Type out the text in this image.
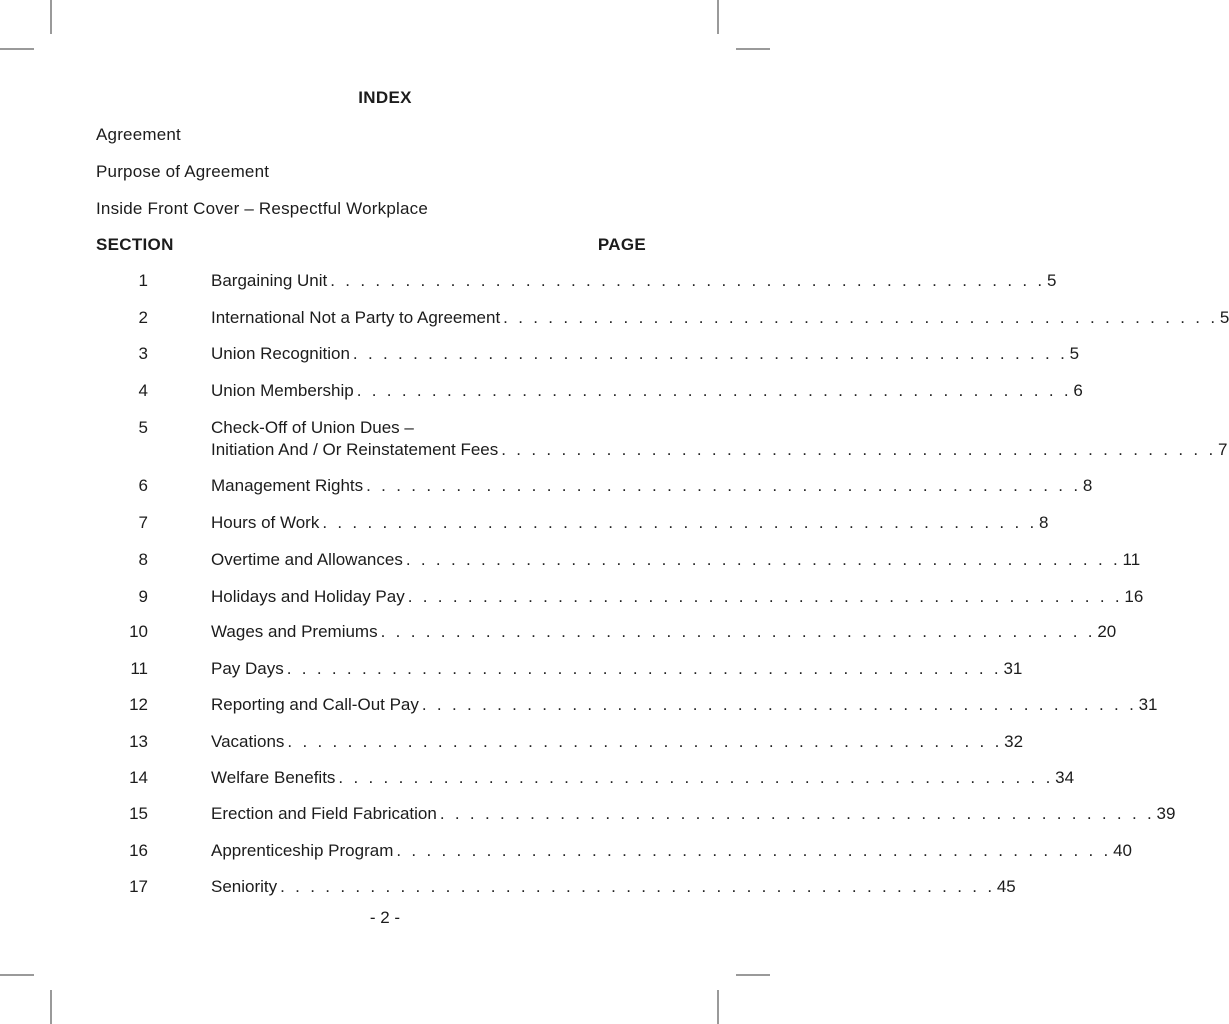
INDEX
Agreement
Purpose of Agreement
Inside Front Cover – Respectful Workplace
SECTION	PAGE
1	Bargaining Unit . . . . . . . . . . . . . . . . . . . . . . . . . . . . . . . . . . . . . . . . . . . . . . . . 5
2	International Not a Party to Agreement . . . . . . . . . . . . . . . . . . . . . . . . . . . . . . . . . . . . . . . . . . . . . . . . 5
3	Union Recognition . . . . . . . . . . . . . . . . . . . . . . . . . . . . . . . . . . . . . . . . . . . . . . . . 5
4	Union Membership . . . . . . . . . . . . . . . . . . . . . . . . . . . . . . . . . . . . . . . . . . . . . . . . 6
5	Check-Off of Union Dues –
Initiation And / Or Reinstatement Fees . . . . . . . . . . . . . . . . . . . . . . . . . . . . . . . . . . . . . . . . . . . . . . . . 7
6	Management Rights . . . . . . . . . . . . . . . . . . . . . . . . . . . . . . . . . . . . . . . . . . . . . . . . 8
7	Hours of Work . . . . . . . . . . . . . . . . . . . . . . . . . . . . . . . . . . . . . . . . . . . . . . . . 8
8	Overtime and Allowances . . . . . . . . . . . . . . . . . . . . . . . . . . . . . . . . . . . . . . . . . . . . . . . . 11
9	Holidays and Holiday Pay . . . . . . . . . . . . . . . . . . . . . . . . . . . . . . . . . . . . . . . . . . . . . . . . 16
10	Wages and Premiums . . . . . . . . . . . . . . . . . . . . . . . . . . . . . . . . . . . . . . . . . . . . . . . . 20
11	Pay Days . . . . . . . . . . . . . . . . . . . . . . . . . . . . . . . . . . . . . . . . . . . . . . . . 31
12	Reporting and Call-Out Pay . . . . . . . . . . . . . . . . . . . . . . . . . . . . . . . . . . . . . . . . . . . . . . . . 31
13	Vacations . . . . . . . . . . . . . . . . . . . . . . . . . . . . . . . . . . . . . . . . . . . . . . . . 32
14	Welfare Benefits . . . . . . . . . . . . . . . . . . . . . . . . . . . . . . . . . . . . . . . . . . . . . . . . 34
15	Erection and Field Fabrication . . . . . . . . . . . . . . . . . . . . . . . . . . . . . . . . . . . . . . . . . . . . . . . . 39
16	Apprenticeship Program . . . . . . . . . . . . . . . . . . . . . . . . . . . . . . . . . . . . . . . . . . . . . . . . 40
17	Seniority . . . . . . . . . . . . . . . . . . . . . . . . . . . . . . . . . . . . . . . . . . . . . . . . 45
- 2 -
